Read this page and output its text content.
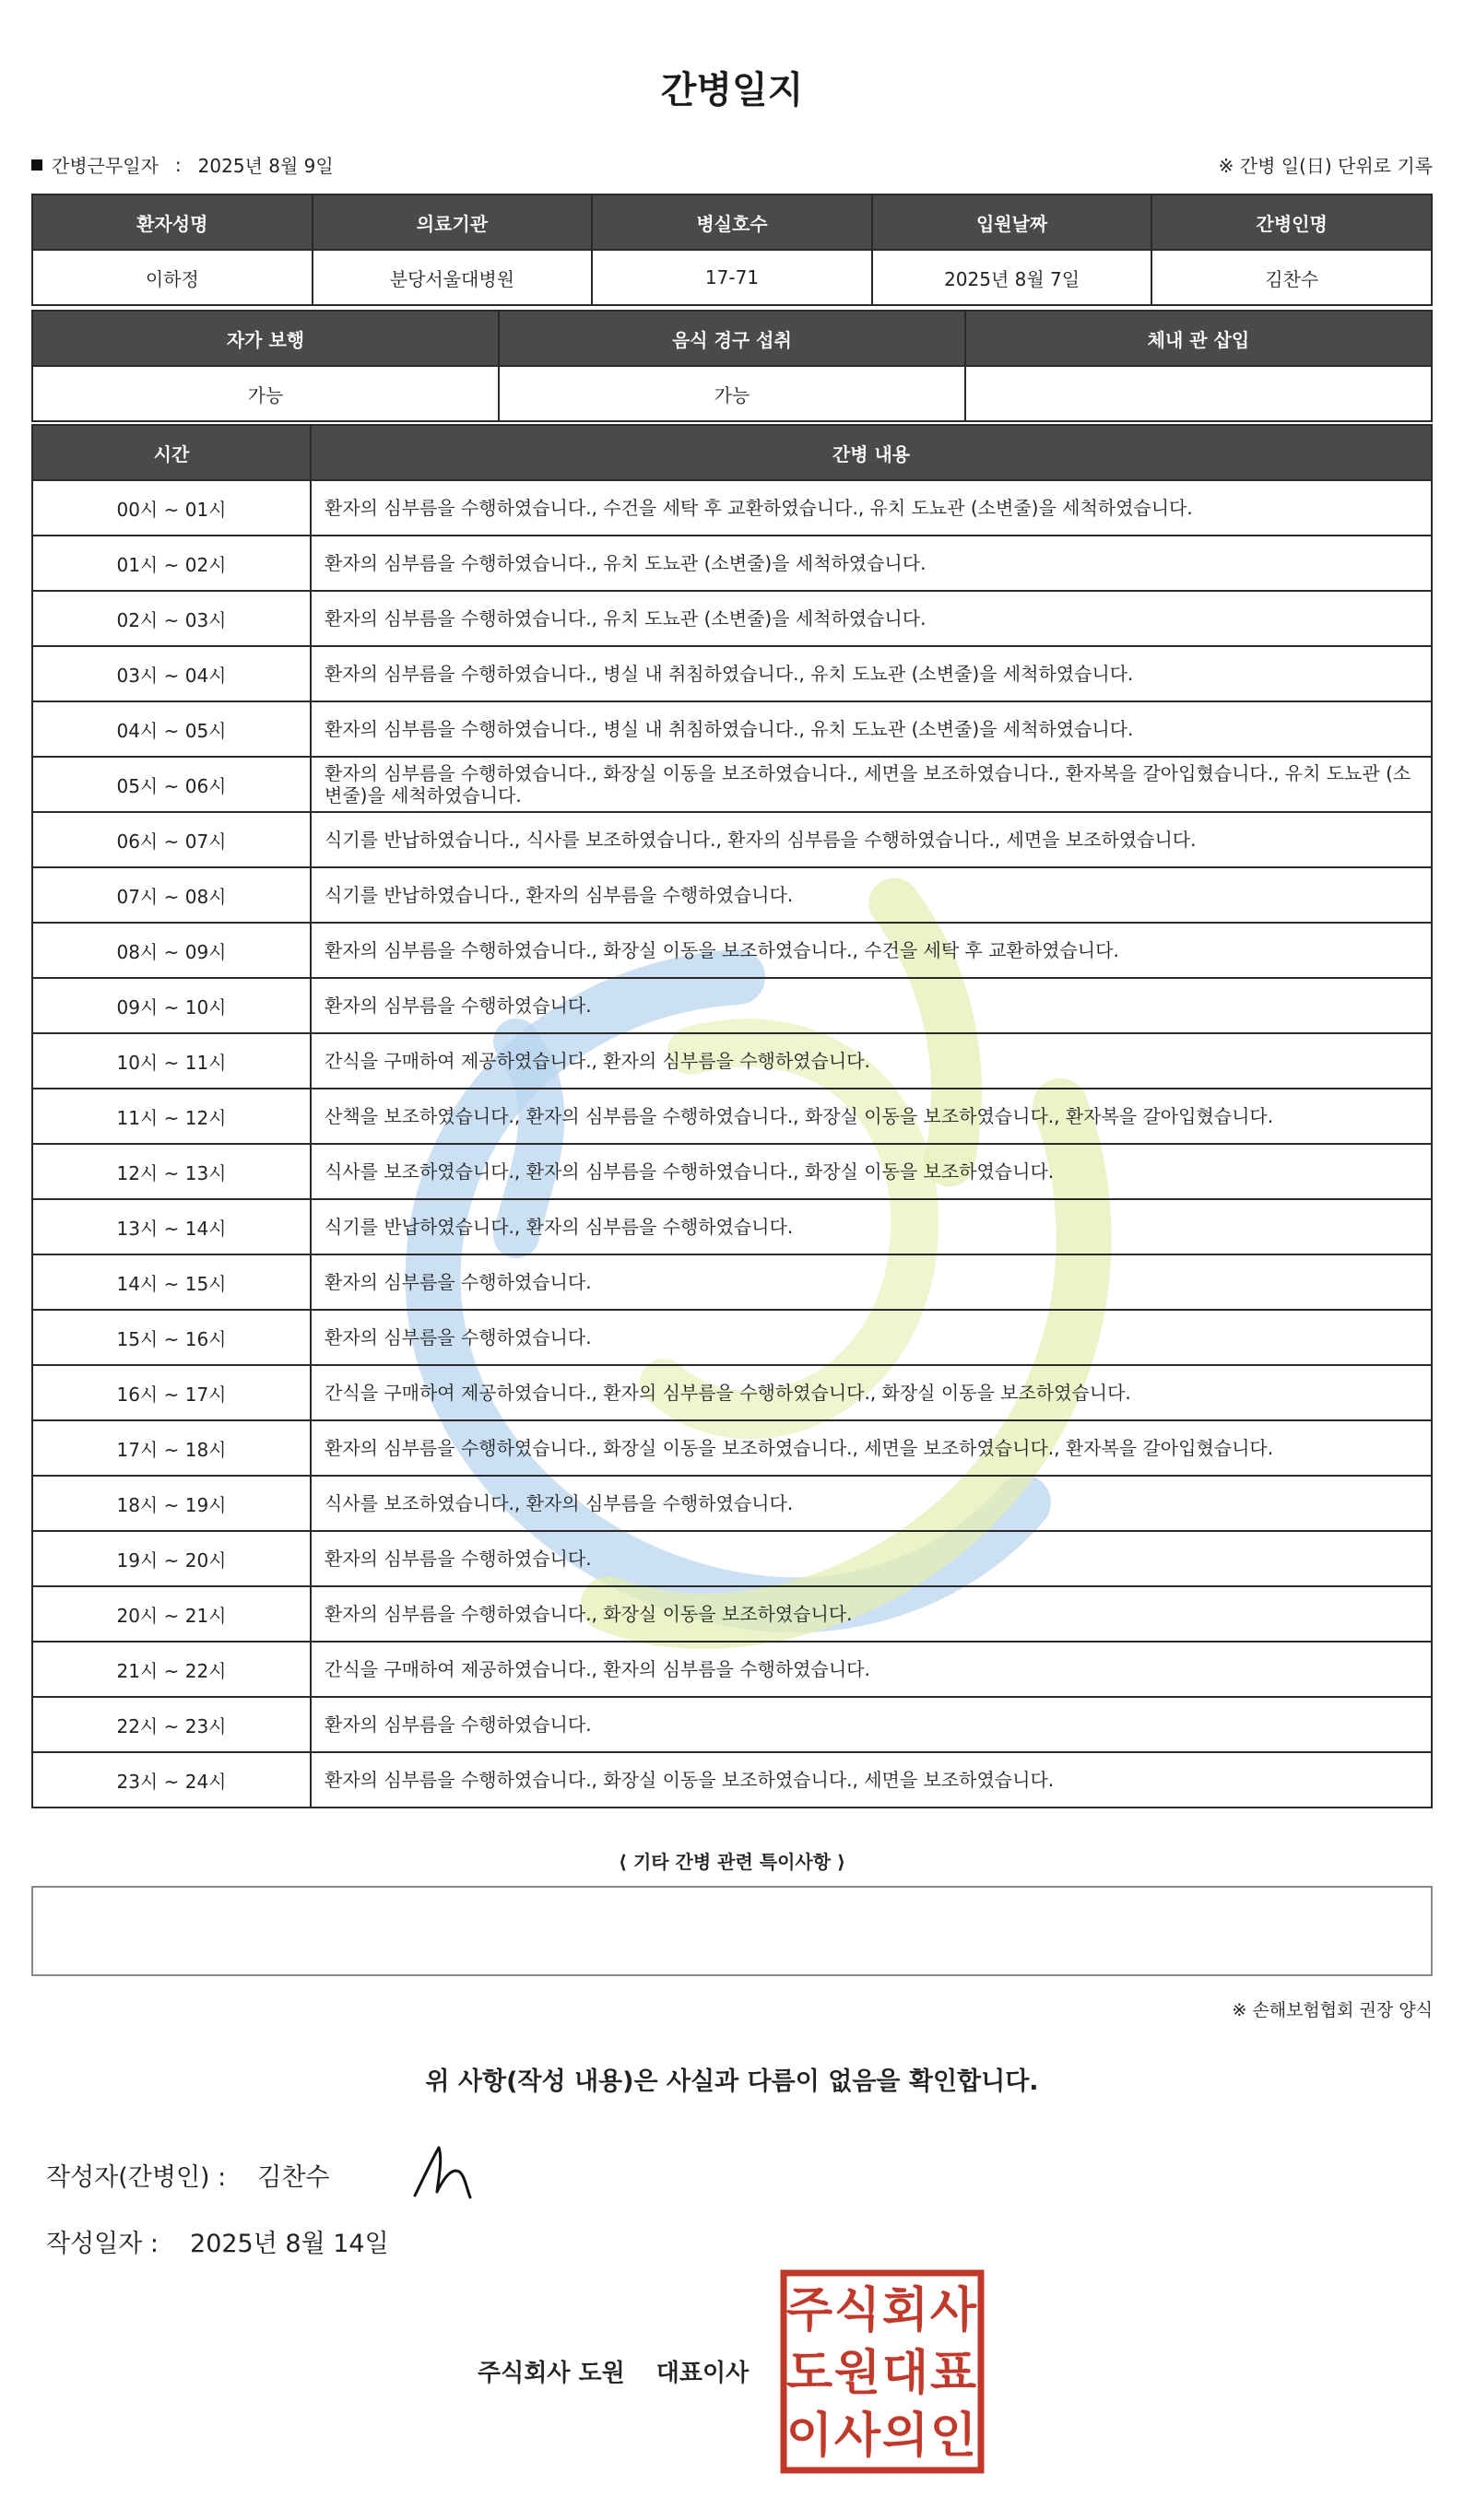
간병일지
간병근무일자 : 2025년 8월 9일	※ 간병 일(日) 단위로 기록
환자성명	의료기관	병실호수	입원날짜	간병인명
이하정	분당서울대병원	17-71	2025년 8월 7일	김찬수
자가 보행	음식 경구 섭취	체내 관 삽입
가능	가능	
시간	간병 내용
00시 ~ 01시	환자의 심부름을 수행하였습니다., 수건을 세탁 후 교환하였습니다., 유치 도뇨관 (소변줄)을 세척하였습니다.
01시 ~ 02시	환자의 심부름을 수행하였습니다., 유치 도뇨관 (소변줄)을 세척하였습니다.
02시 ~ 03시	환자의 심부름을 수행하였습니다., 유치 도뇨관 (소변줄)을 세척하였습니다.
03시 ~ 04시	환자의 심부름을 수행하였습니다., 병실 내 취침하였습니다., 유치 도뇨관 (소변줄)을 세척하였습니다.
04시 ~ 05시	환자의 심부름을 수행하였습니다., 병실 내 취침하였습니다., 유치 도뇨관 (소변줄)을 세척하였습니다.
05시 ~ 06시	환자의 심부름을 수행하였습니다., 화장실 이동을 보조하였습니다., 세면을 보조하였습니다., 환자복을 갈아입혔습니다., 유치 도뇨관 (소변줄)을 세척하였습니다.
06시 ~ 07시	식기를 반납하였습니다., 식사를 보조하였습니다., 환자의 심부름을 수행하였습니다., 세면을 보조하였습니다.
07시 ~ 08시	식기를 반납하였습니다., 환자의 심부름을 수행하였습니다.
08시 ~ 09시	환자의 심부름을 수행하였습니다., 화장실 이동을 보조하였습니다., 수건을 세탁 후 교환하였습니다.
09시 ~ 10시	환자의 심부름을 수행하였습니다.
10시 ~ 11시	간식을 구매하여 제공하였습니다., 환자의 심부름을 수행하였습니다.
11시 ~ 12시	산책을 보조하였습니다., 환자의 심부름을 수행하였습니다., 화장실 이동을 보조하였습니다., 환자복을 갈아입혔습니다.
12시 ~ 13시	식사를 보조하였습니다., 환자의 심부름을 수행하였습니다., 화장실 이동을 보조하였습니다.
13시 ~ 14시	식기를 반납하였습니다., 환자의 심부름을 수행하였습니다.
14시 ~ 15시	환자의 심부름을 수행하였습니다.
15시 ~ 16시	환자의 심부름을 수행하였습니다.
16시 ~ 17시	간식을 구매하여 제공하였습니다., 환자의 심부름을 수행하였습니다., 화장실 이동을 보조하였습니다.
17시 ~ 18시	환자의 심부름을 수행하였습니다., 화장실 이동을 보조하였습니다., 세면을 보조하였습니다., 환자복을 갈아입혔습니다.
18시 ~ 19시	식사를 보조하였습니다., 환자의 심부름을 수행하였습니다.
19시 ~ 20시	환자의 심부름을 수행하였습니다.
20시 ~ 21시	환자의 심부름을 수행하였습니다., 화장실 이동을 보조하였습니다.
21시 ~ 22시	간식을 구매하여 제공하였습니다., 환자의 심부름을 수행하였습니다.
22시 ~ 23시	환자의 심부름을 수행하였습니다.
23시 ~ 24시	환자의 심부름을 수행하였습니다., 화장실 이동을 보조하였습니다., 세면을 보조하였습니다.
⟨ 기타 간병 관련 특이사항 ⟩
※ 손해보험협회 권장 양식
위 사항(작성 내용)은 사실과 다름이 없음을 확인합니다.
작성자(간병인) : 김찬수
작성일자 : 2025년 8월 14일
주식회사 도원 대표이사
주 식 회 사
도 원 대 표
이 사 의 인
